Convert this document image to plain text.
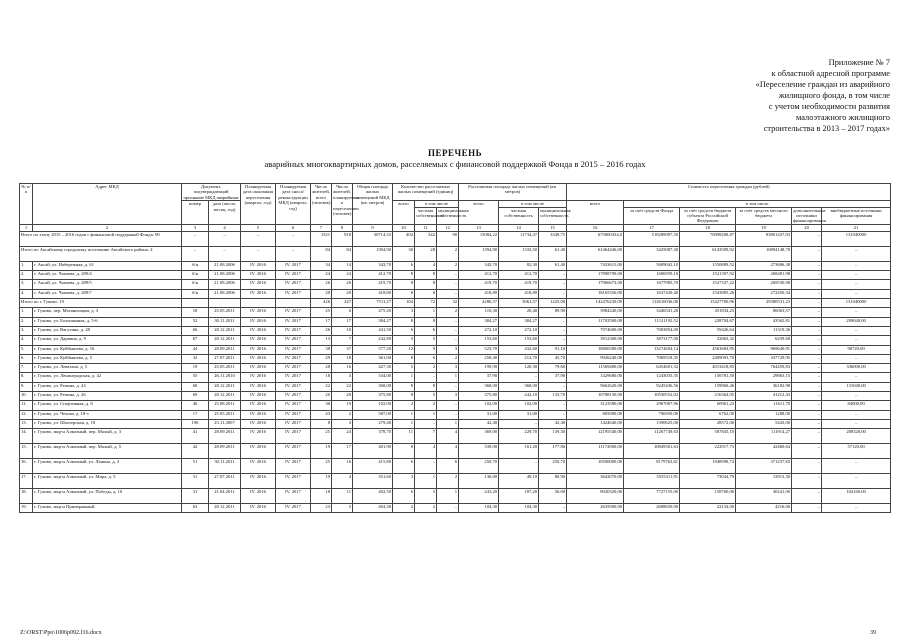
Приложение № 7
к областной адресной программе
«Переселение граждан из аварийного
жилищного фонда, в том числе
с учетом необходимости развития
малоэтажного жилищного
строительства в 2013 – 2017 годах»
ПЕРЕЧЕНЬ
аварийных многоквартирных домов, расселяемых с финансовой поддержкой Фонда в 2015 – 2016 годах
№ п/п	Адрес МКД	Документ, подтверждающий признание МКД аварийным		Планируемая дата окончания переселения (квартал, год)	Планируемая дата сноса/реконструкции МКД (квартал, год)	Число жителей, всего (человек)	Число жителей, планируемых к переселению (человек)	Общая площадь жилых помещений МКД (кв. метров)	Количество расселяемых жилых помещений (единиц)			Расселяемая площадь жилых помещений (кв. метров)			Стоимость переселения граждан (рублей)					
		номер	дата (число, месяц, год)						всего	в том числе		всего	в том числе		всего	в том числе				
										частная собственность	муниципальная собственность		частная собственность	муниципальная собственность		за счёт средств Фонда	за счёт средств бюджета субъекта Российской Федерации	за счёт средств местного бюджета	дополнительные источники финансирования	внебюджетные источники финансирования
1	2	3	4	5	6	7	8	9	10	11	12	13	14	15	16	17	18	19	20	21
Всего по этапу 2015 – 2016 годов с финансовой поддержкой Фонда: 90		–	–	–	–	1521	918	30714,33	402	342	90	15084,22	11734,47	3349,75	675800434,0	518289997,50	70098208,87	83801437,03	–	131040000
Итого по Аксайскому городскому поселению Аксайского района: 4		–	–	–	–	84	84	1394,90	30	28	2	1394,90	1333,50	61,40	61464446,00	3425087,30	6143509,92	10894148,78	–	–
1.	г. Аксай, ул. Набережная, д. 61	б/н	21.08.2006	IV. 2016	IV. 2017	34	14	343,70	6	4	2	343,70	82,30	61,40	7433615,00	5609042,10	1550889,52	273686,38	–	–
2.	г. Аксай, ул. Чапаева, д. 289/4	б/н	21.08.2006	IV. 2016	IV. 2017	24	24	412,70	8	8	–	412,70	412,70	–	17898799,00	1606959,10	1521397,92	268481,98	–	–
3.	г. Аксай, ул. Чапаева, д. 289/5	б/н	21.08.2006	IV. 2016	IV. 2017	26	26	419,70	8	8	–	419,70	419,70	–	17966673,00	1677985,70	1527337,22	269530,08	–	–
4.	г. Аксай, ул. Чапаева, д. 289/7	б/н	21.08.2006	IV. 2016	IV. 2017	20	20	418,80	8	8	–	418,80	418,80	–	18165356,00	1637420,40	1543885,26	272450,34	–	–
Итого по г. Гуково: 19						426	247	7511,27	104	72	32	4286,57	3061,57	1225,00	142476230,09	112610036,00	15427700,96	29380531,23	–	131040000
1.	г. Гуково, пер. Механизации, д. 3	18	25.05.2011	IV. 2016	IV. 2017	25	6	475,20	3	1	2	110,30	20,40	89,90	3984240,00	3446541,20	451834,23	86063,57	–	–
2.	г. Гуково, ул. Большинная, д. 5-6	52	30.11.2011	IV. 2016	IV. 2017	17	17	384,27	8	8	–	384,27	384,27	–	11702500,00	11121192,52	228704,67	43562,81	–	299040,00
3.	г. Гуково, ул. Вагутина, д. 28	66	28.12.2011	IV. 2016	IV. 2017	26	10	441,50	6	6	–	272,10	272,10	–	7074600,00	7003854,00	59426,64	11319,36	–	–
4.	г. Гуково, ул. Дарвина, д. 9	67	28.12.2011	IV. 2016	IV. 2017	13	7	242,80	5	5	–	153,60	153,60	–	3912300,00	3873177,00	32863,32	6259,68	–	–
5.	г. Гуково, ул. Куйбышева, д. 16	44	28.09.2011	IV. 2016	IV. 2017	38	37	577,20	12	9	3	523,70	432,60	91,10	18800580,00	13274604,14	4563684,95	869640,91	–	90720,00
6.	г. Гуково, ул. Куйбышева, д. 5	32	27.07.2011	IV. 2016	IV. 2017	29	18	361,00	8	6	2	258,40	212,70	45,70	9926240,00	7069518,35	2409093,70	437729,95	–	–
7.	г. Гуково, ул. Леватана, д. 5	19	25.05.2011	IV. 2016	IV. 2017	28	16	427,30	5	2	3	199,90	120,30	79,60	11569480,00	6454601,32	4013418,85	764459,83	–	336000,00
8.	г. Гуково, ул. Ленинградская, д. 42	55	26.11.2010	IV. 2016	IV. 2017	18	3	334,00	1	–	1	37,90	–	37,90	1429680,00	1243035,35	156781,50	29863,15	–	–
9.	г. Гуково, ул. Репина, д. 24	68	28.12.2011	IV. 2016	IV. 2017	22	22	368,00	8	8	–	368,00	368,00	–	9662620,00	9245436,56	159960,46	36182,98	–	131040,00
10.	г. Гуково, ул. Репина, д. 26	69	28.12.2011	IV. 2016	IV. 2017	20	20	375,80	8	5	3	375,80	242,10	133,70	10788130,00	10530552,02	216364,05	41212,43	–	–
11.	г. Гуково, ул. Спортивная, д. 8	40	25.08.2011	IV. 2016	IV. 2017	30	19	102,00	2	2	–	102,00	102,00	–	3123580,00	2967007,96	60961,23	11611,70	–	84000,00
12.	г. Гуково, ул. Чехова, д. 18-з	17	25.05.2011	IV. 2016	IV. 2017	43	2	587,00	1	1	–	31,00	31,00	–	805000,00	796950,00	6762,00	1288,00	–	–
13.	г. Гуково, ул. Шахтерская, д. 18	196	23.11.2007	IV. 2016	IV. 2017	8	3	279,40	1	–	1	42,40	–	42,40	1424640,00	1390625,00	28572,00	5443,00	–	–
14.	г. Гуково, мкр-н Алмазный, пер. Малый, д. 3	41	28.09.2011	IV. 2016	IV. 2017	25	24	378,70	11	7	4	369,00	229,70	139,30	12195540,00	11267749,63	587845,10	111914,27	–	208320,00
15.	г. Гуково, мкр-н Алмазный, пер. Малый, д. 5	42	28.09.2011	IV. 2016	IV. 2017	19	17	401,90	8	4	4	339,00	161,20	177,80	11172000,00	10849501,63	222917,73	42460,64	–	57120,00
16.	г. Гуково, мкр-н Алмазный, ул. Ленина, д. 3	51	30.11.2011	IV. 2016	IV. 2017	25	16	415,80	6	–	6	250,70	–	250,70	10500000,00	8179763,61	1948998,74	371237,65	–	–
17.	г. Гуково, мкр-н Алмазный, ул. Мира, д. 5	31	27.07.2011	IV. 2016	IV. 2017	19	4	351,60	3	1	2	130,00	49,10	80,90	3642070,00	3555311,91	73044,79	13913,30	–	–
18.	г. Гуково, мкр-н Алмазный, ул. Победы, д. 10	31	21.04.2011	IV. 2016	IV. 2017	18	11	402,50	6	5	1	243,20	187,20	56,00	8020320,00	7727155,00	158760,00	30241,00	–	104160,00
19.	г. Гуково, мкр-н Приовражный,	63	28.12.2011	IV. 2016	IV. 2017	23	5	404,30	2	2	–	104,30	104,30	–	2635000,00	2608650,00	22134,00	4216,00	–	–
Z:\ORST\Ppo\1006p092.f16.docx	39
